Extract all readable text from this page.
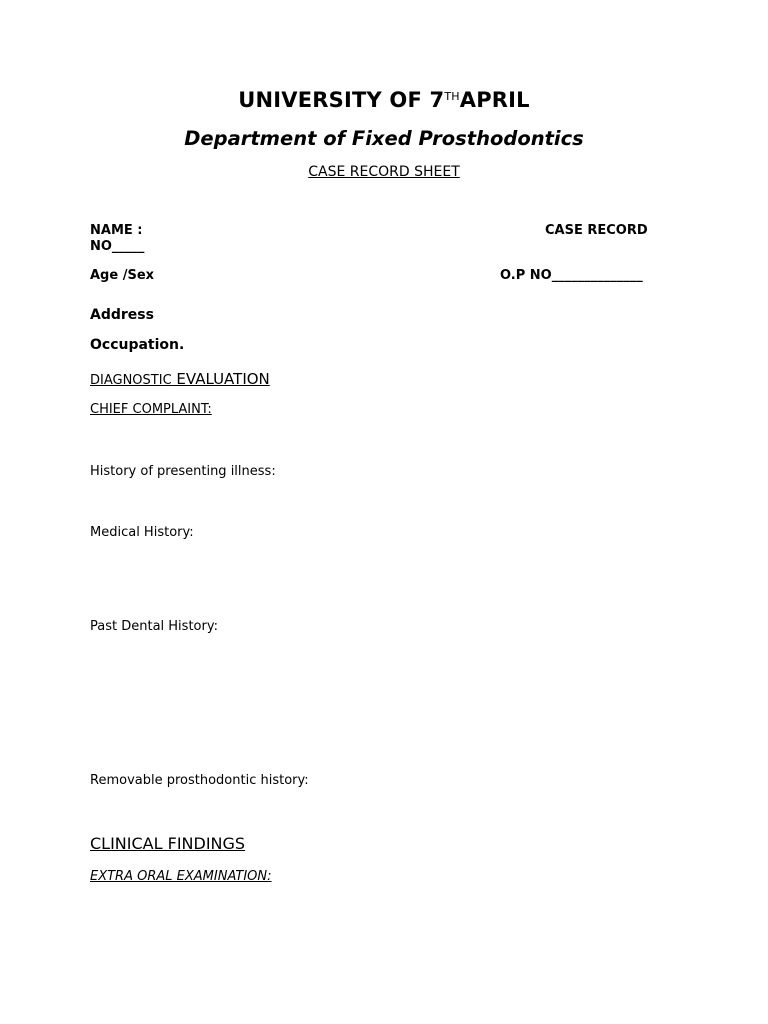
UNIVERSITY OF 7THAPRIL
Department of Fixed Prosthodontics
CASE RECORD SHEET
NAME :	CASE RECORD
NO_____
Age /Sex	O.P NO______________
Address
Occupation.
DIAGNOSTIC EVALUATION
CHIEF COMPLAINT:
History of presenting illness:
Medical History:
Past Dental History:
Removable prosthodontic history:
CLINICAL FINDINGS
EXTRA ORAL EXAMINATION:
